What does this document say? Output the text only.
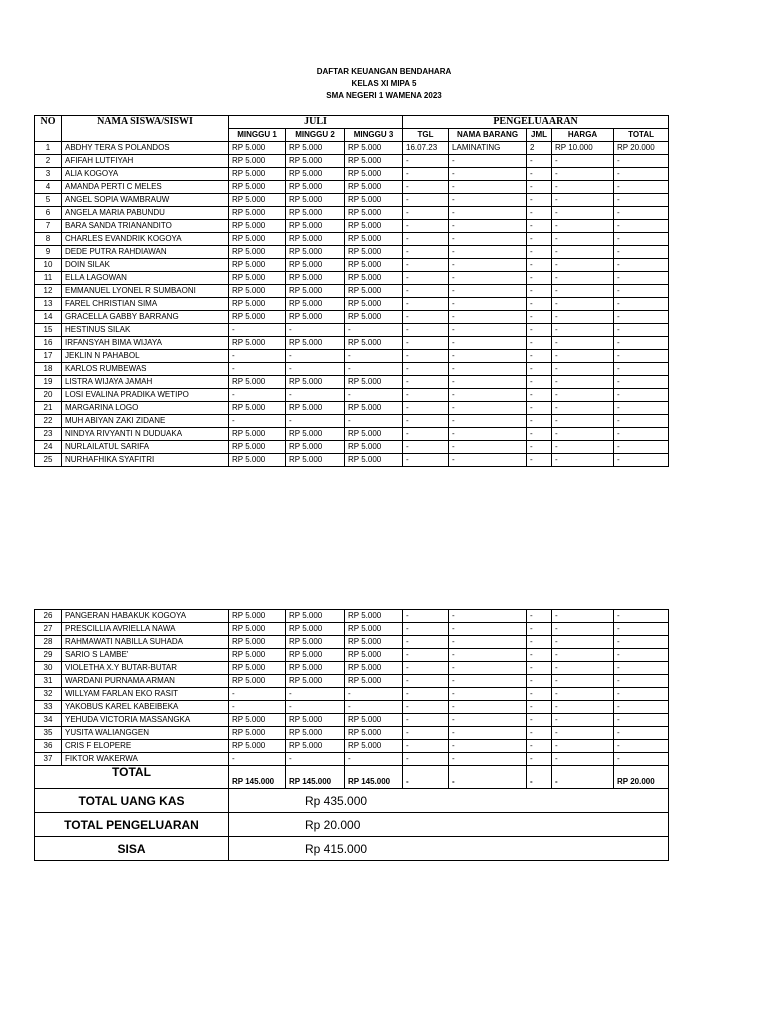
DAFTAR KEUANGAN BENDAHARA
KELAS XI MIPA 5
SMA NEGERI 1 WAMENA 2023
NO	NAMA SISWA/SISWI	JULI			PENGELUAARAN				
		MINGGU 1	MINGGU 2	MINGGU 3	TGL	NAMA BARANG	JML	HARGA	TOTAL
1	ABDHY TERA S POLANDOS	RP 5.000	RP 5.000	RP 5.000	16.07.23	LAMINATING	2	RP 10.000	RP 20.000
2	AFIFAH LUTFIYAH	RP 5.000	RP 5.000	RP 5.000	-	-	-	-	-
3	ALIA KOGOYA	RP 5.000	RP 5.000	RP 5.000	-	-	-	-	-
4	AMANDA PERTI C MELES	RP 5.000	RP 5.000	RP 5.000	-	-	-	-	-
5	ANGEL SOPIA WAMBRAUW	RP 5.000	RP 5.000	RP 5.000	-	-	-	-	-
6	ANGELA MARIA PABUNDU	RP 5.000	RP 5.000	RP 5.000	-	-	-	-	-
7	BARA SANDA TRIANANDITO	RP 5.000	RP 5.000	RP 5.000	-	-	-	-	-
8	CHARLES EVANDRIK KOGOYA	RP 5.000	RP 5.000	RP 5.000	-	-	-	-	-
9	DEDE PUTRA RAHDIAWAN	RP 5.000	RP 5.000	RP 5.000	-	-	-	-	-
10	DOIN SILAK	RP 5.000	RP 5.000	RP 5.000	-	-	-	-	-
11	ELLA LAGOWAN	RP 5.000	RP 5.000	RP 5.000	-	-	-	-	-
12	EMMANUEL LYONEL R SUMBAONI	RP 5.000	RP 5.000	RP 5.000	-	-	-	-	-
13	FAREL CHRISTIAN SIMA	RP 5.000	RP 5.000	RP 5.000	-	-	-	-	-
14	GRACELLA GABBY BARRANG	RP 5.000	RP 5.000	RP 5.000	-	-	-	-	-
15	HESTINUS SILAK	-	-	-	-	-	-	-	-
16	IRFANSYAH BIMA WIJAYA	RP 5.000	RP 5.000	RP 5.000	-	-	-	-	-
17	JEKLIN N PAHABOL	-	-	-	-	-	-	-	-
18	KARLOS RUMBEWAS	-	-	-	-	-	-	-	-
19	LISTRA WIJAYA JAMAH	RP 5.000	RP 5.000	RP 5.000	-	-	-	-	-
20	LOSI EVALINA PRADIKA WETIPO	-	-	-	-	-	-	-	-
21	MARGARINA LOGO	RP 5.000	RP 5.000	RP 5.000	-	-	-	-	-
22	MUH ABIYAN ZAKI ZIDANE	-	-	-	-	-	-	-	-
23	NINDYA RIVYANTI N DUDUAKA	RP 5.000	RP 5.000	RP 5.000	-	-	-	-	-
24	NURLAILATUL SARIFA	RP 5.000	RP 5.000	RP 5.000	-	-	-	-	-
25	NURHAFHIKA SYAFITRI	RP 5.000	RP 5.000	RP 5.000	-	-	-	-	-
26	PANGERAN HABAKUK KOGOYA	RP 5.000	RP 5.000	RP 5.000	-	-	-	-	-
27	PRESCILLIA AVRIELLA NAWA	RP 5.000	RP 5.000	RP 5.000	-	-	-	-	-
28	RAHMAWATI NABILLA SUHADA	RP 5.000	RP 5.000	RP 5.000	-	-	-	-	-
29	SARIO S LAMBE'	RP 5.000	RP 5.000	RP 5.000	-	-	-	-	-
30	VIOLETHA X.Y BUTAR-BUTAR	RP 5.000	RP 5.000	RP 5.000	-	-	-	-	-
31	WARDANI PURNAMA ARMAN	RP 5.000	RP 5.000	RP 5.000	-	-	-	-	-
32	WILLYAM FARLAN EKO RASIT	-	-	-	-	-	-	-	-
33	YAKOBUS KAREL KABEIBEKA	-	-	-	-	-	-	-	-
34	YEHUDA VICTORIA MASSANGKA	RP 5.000	RP 5.000	RP 5.000	-	-	-	-	-
35	YUSITA WALIANGGEN	RP 5.000	RP 5.000	RP 5.000	-	-	-	-	-
36	CRIS F ELOPERE	RP 5.000	RP 5.000	RP 5.000	-	-	-	-	-
37	FIKTOR WAKERWA	-	-	-	-	-	-	-	-
TOTAL		RP 145.000	RP 145.000	RP 145.000	-	-	-	-	RP 20.000
TOTAL UANG KAS		Rp 435.000							
TOTAL PENGELUARAN		Rp 20.000							
SISA		Rp 415.000							
